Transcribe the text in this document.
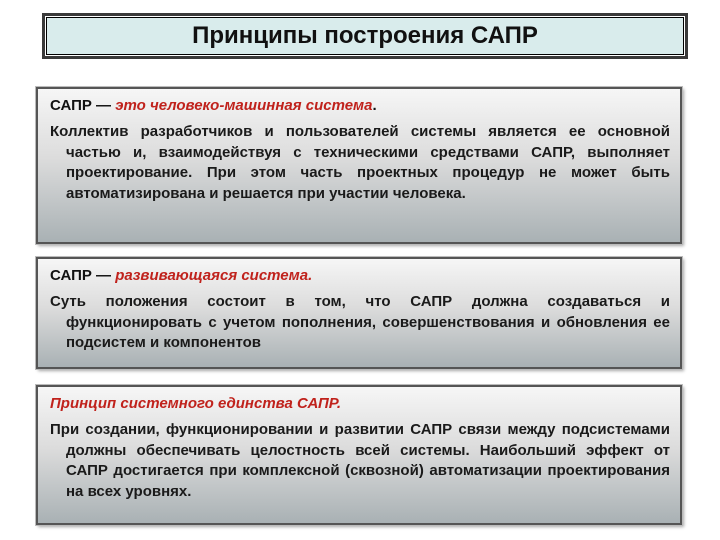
Принципы построения САПР
САПР — это человеко-машинная система.
Коллектив разработчиков и пользователей системы является ее основной частью и, взаимодействуя с техническими средствами САПР, выполняет проектирование. При этом часть проектных процедур не может быть автоматизирована и решается при участии человека.
САПР — развивающаяся система.
Суть положения состоит в том, что САПР должна создаваться и функционировать с учетом пополнения, совершенствования и обновления ее подсистем и компонентов
Принцип системного единства САПР.
При создании, функционировании и развитии САПР связи между подсистемами должны обеспечивать целостность всей системы. Наибольший эффект от САПР достигается при комплексной (сквозной) автоматизации проектирования на всех уровнях.
